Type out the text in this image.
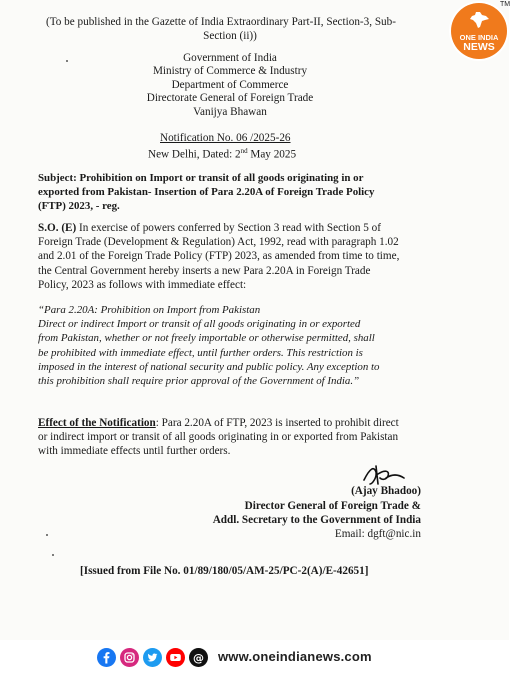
ONE INDIA
NEWS
TM
(To be published in the Gazette of India Extraordinary Part-II, Section-3, Sub-
Section (ii))
Government of India
Ministry of Commerce & Industry
Department of Commerce
Directorate General of Foreign Trade
Vanijya Bhawan
Notification No. 06 /2025-26
New Delhi, Dated: 2nd May 2025
Subject: Prohibition on Import or transit of all goods originating in or
exported from Pakistan- Insertion of Para 2.20A of Foreign Trade Policy
(FTP) 2023, - reg.
S.O. (E) In exercise of powers conferred by Section 3 read with Section 5 of
Foreign Trade (Development & Regulation) Act, 1992, read with paragraph 1.02
and 2.01 of the Foreign Trade Policy (FTP) 2023, as amended from time to time,
the Central Government hereby inserts a new Para 2.20A in Foreign Trade
Policy, 2023 as follows with immediate effect:
“Para 2.20A: Prohibition on Import from Pakistan
Direct or indirect Import or transit of all goods originating in or exported
from Pakistan, whether or not freely importable or otherwise permitted, shall
be prohibited with immediate effect, until further orders. This restriction is
imposed in the interest of national security and public policy. Any exception to
this prohibition shall require prior approval of the Government of India.”
Effect of the Notification: Para 2.20A of FTP, 2023 is inserted to prohibit direct
or indirect import or transit of all goods originating in or exported from Pakistan
with immediate effects until further orders.
(Ajay Bhadoo)
Director General of Foreign Trade &
Addl. Secretary to the Government of India
Email: dgft@nic.in
[Issued from File No. 01/89/180/05/AM-25/PC-2(A)/E-42651]
@ www.oneindianews.com
